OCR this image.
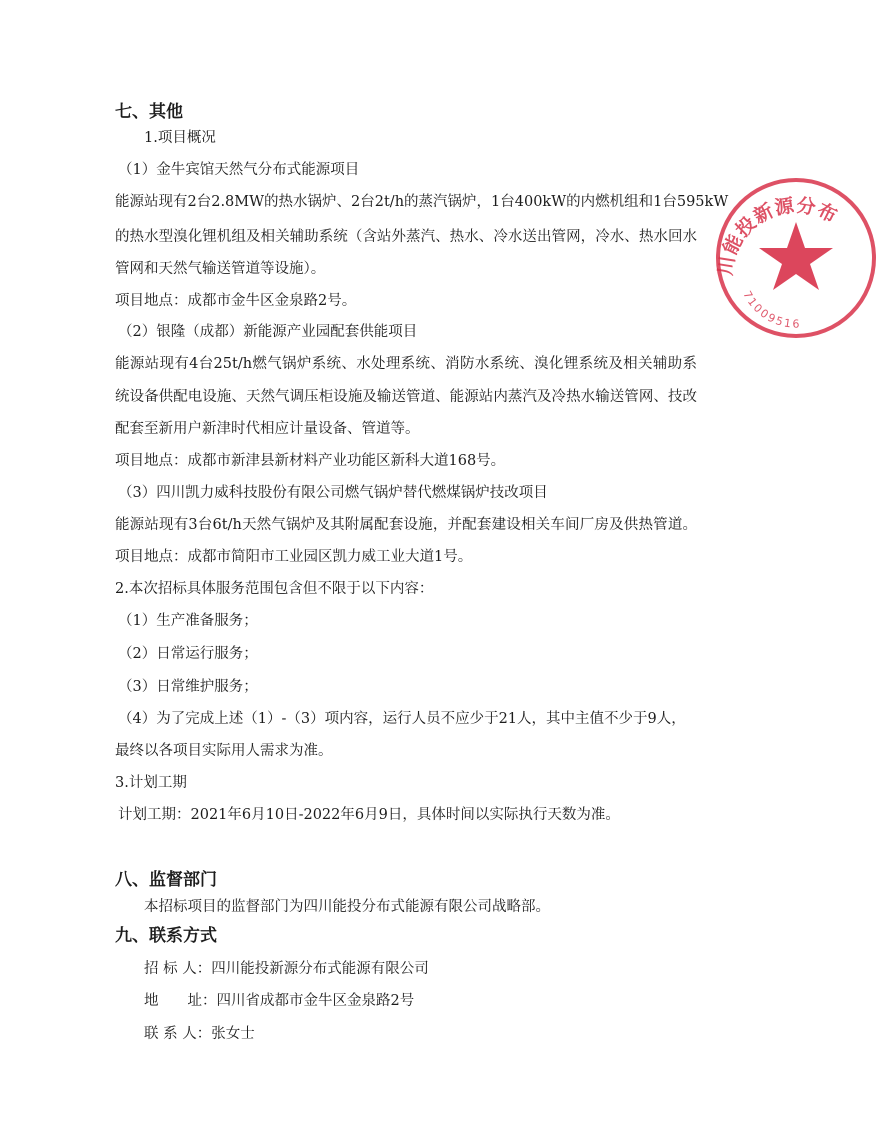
七、其他
1.项目概况
（1）金牛宾馆天然气分布式能源项目
能源站现有2台2.8MW的热水锅炉、2台2t/h的蒸汽锅炉，1台400kW的内燃机组和1台595kW
的热水型溴化锂机组及相关辅助系统（含站外蒸汽、热水、冷水送出管网，冷水、热水回水
管网和天然气输送管道等设施）。
项目地点：成都市金牛区金泉路2号。
（2）银隆（成都）新能源产业园配套供能项目
能源站现有4台25t/h燃气锅炉系统、水处理系统、消防水系统、溴化锂系统及相关辅助系
统设备供配电设施、天然气调压柜设施及输送管道、能源站内蒸汽及冷热水输送管网、技改
配套至新用户新津时代相应计量设备、管道等。
项目地点：成都市新津县新材料产业功能区新科大道168号。
（3）四川凯力威科技股份有限公司燃气锅炉替代燃煤锅炉技改项目
能源站现有3台6t/h天然气锅炉及其附属配套设施，并配套建设相关车间厂房及供热管道。
项目地点：成都市简阳市工业园区凯力威工业大道1号。
2.本次招标具体服务范围包含但不限于以下内容：
（1）生产准备服务；
（2）日常运行服务；
（3）日常维护服务；
（4）为了完成上述（1）-（3）项内容，运行人员不应少于21人，其中主值不少于9人，
最终以各项目实际用人需求为准。
3.计划工期
计划工期：2021年6月10日-2022年6月9日，具体时间以实际执行天数为准。
八、监督部门
本招标项目的监督部门为四川能投分布式能源有限公司战略部。
九、联系方式
招 标 人：四川能投新源分布式能源有限公司
地　　址：四川省成都市金牛区金泉路2号
联 系 人：张女士
川能投新源分布
71009516
